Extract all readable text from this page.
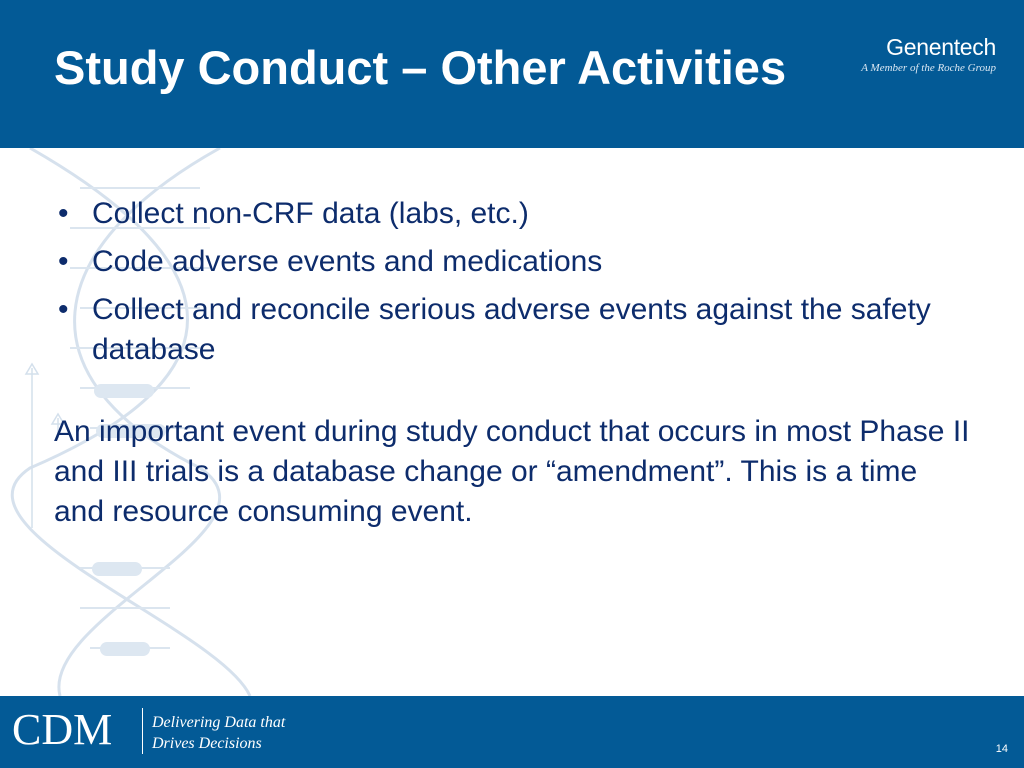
Study Conduct – Other Activities	Genentech
A Member of the Roche Group
• Collect non-CRF data (labs, etc.)
• Code adverse events and medications
• Collect and reconcile serious adverse events against the safety database

An important event during study conduct that occurs in most Phase II and III trials is a database change or “amendment”. This is a time and resource consuming event.

CDM Delivering Data that
Drives Decisions	14
